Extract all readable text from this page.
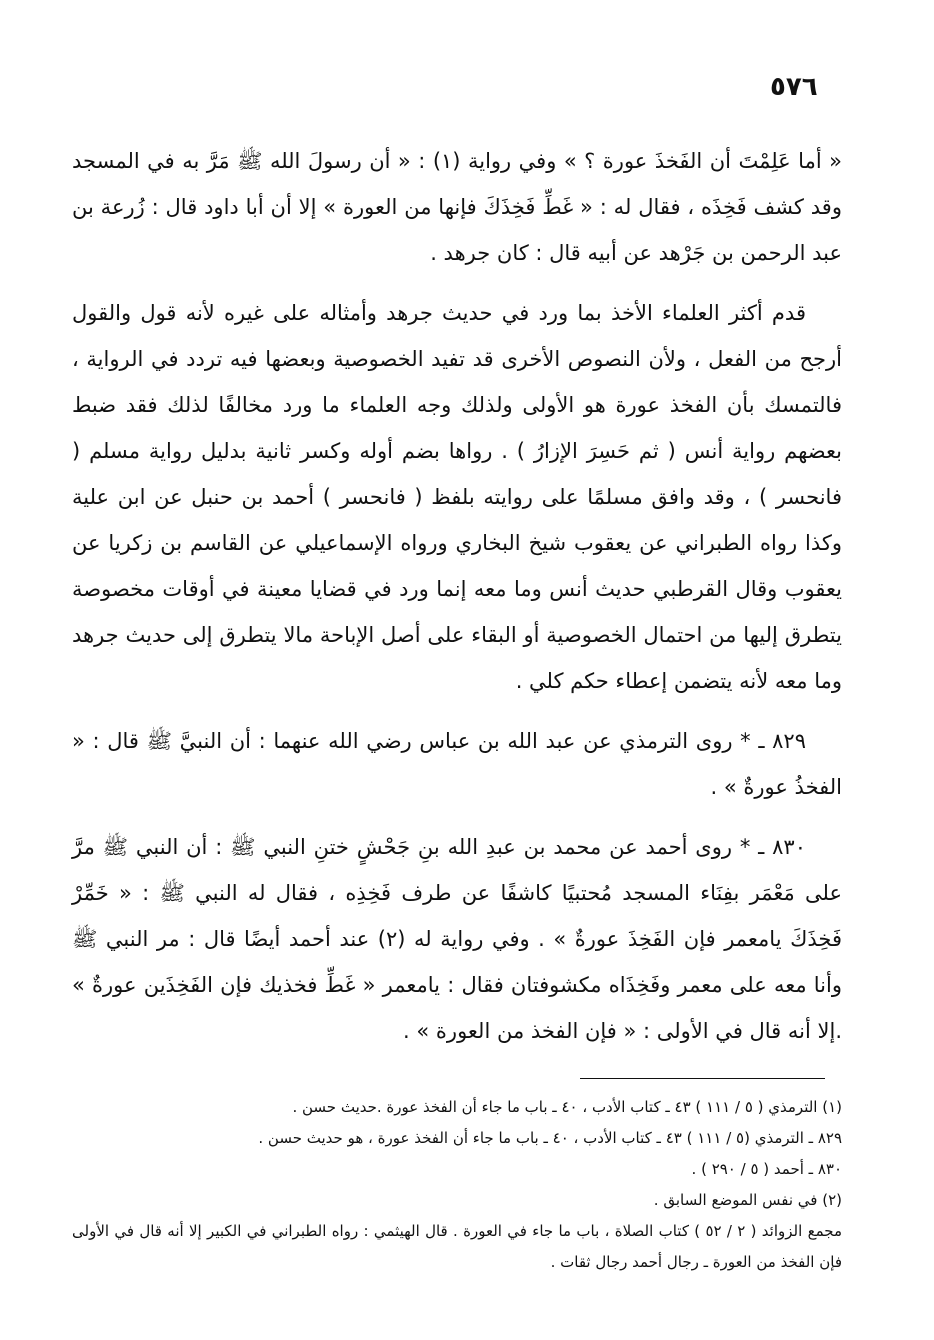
٥٧٦

« أما عَلِمْتَ أن الفَخذَ عورة ؟ » وفي رواية (١) : « أن رسولَ الله ﷺ مَرَّ به في المسجد وقد كشف فَخِذَه ، فقال له : « غَطِّ فَخِذَكَ فإنها من العورة » إلا أن أبا داود قال : زُرعة بن عبد الرحمن بن جَرْهد عن أبيه قال : كان جرهد .

قدم أكثر العلماء الأخذ بما ورد في حديث جرهد وأمثاله على غيره لأنه قول والقول أرجح من الفعل ، ولأن النصوص الأخرى قد تفيد الخصوصية وبعضها فيه تردد في الرواية ، فالتمسك بأن الفخذ عورة هو الأولى ولذلك وجه العلماء ما ورد مخالفًا لذلك فقد ضبط بعضهم رواية أنس ( ثم حَسِرَ الإزارُ ) . رواها بضم أوله وكسر ثانية بدليل رواية مسلم ( فانحسر ) ، وقد وافق مسلمًا على روايته بلفظ ( فانحسر ) أحمد بن حنبل عن ابن علية وكذا رواه الطبراني عن يعقوب شيخ البخاري ورواه الإسماعيلي عن القاسم بن زكريا عن يعقوب وقال القرطبي حديث أنس وما معه إنما ورد في قضايا معينة في أوقات مخصوصة يتطرق إليها من احتمال الخصوصية أو البقاء على أصل الإباحة مالا يتطرق إلى حديث جرهد وما معه لأنه يتضمن إعطاء حكم كلي .

٨٢٩ ـ * روى الترمذي عن عبد الله بن عباس رضي الله عنهما : أن النبيَّ ﷺ قال : « الفخذُ عورةٌ » .

٨٣٠ ـ * روى أحمد عن محمد بن عبدِ الله بنِ جَحْشٍ ختنِ النبي ﷺ : أن النبي ﷺ مرَّ على مَعْمَر بفِنَاء المسجد مُحتبيًا كاشفًا عن طرف فَخِذِه ، فقال له النبي ﷺ : « خَمِّرْ فَخِذَكَ يامعمر فإن الفَخِذَ عورةٌ » . وفي رواية له (٢) عند أحمد أيضًا قال : مر النبي ﷺ وأنا معه على معمر وفَخِذَاه مكشوفتان فقال : يامعمر « غَطِّ فخذيك فإن الفَخِذَين عورةٌ » .إلا أنه قال في الأولى : « فإن الفخذ من العورة » .

(١) الترمذي ( ٥ / ١١١ ) ٤٣ ـ كتاب الأدب ، ٤٠ ـ باب ما جاء أن الفخذ عورة .حديث حسن .

٨٢٩ ـ الترمذي (٥ / ١١١ ) ٤٣ ـ كتاب الأدب ، ٤٠ ـ باب ما جاء أن الفخذ عورة ، هو حديث حسن .

٨٣٠ ـ أحمد ( ٥ / ٢٩٠ ) .

(٢) في نفس الموضع السابق .

مجمع الزوائد ( ٢ / ٥٢ ) كتاب الصلاة ، باب ما جاء في العورة . قال الهيثمي : رواه الطبراني في الكبير إلا أنه قال في الأولى فإن الفخذ من العورة ـ رجال أحمد رجال ثقات .
